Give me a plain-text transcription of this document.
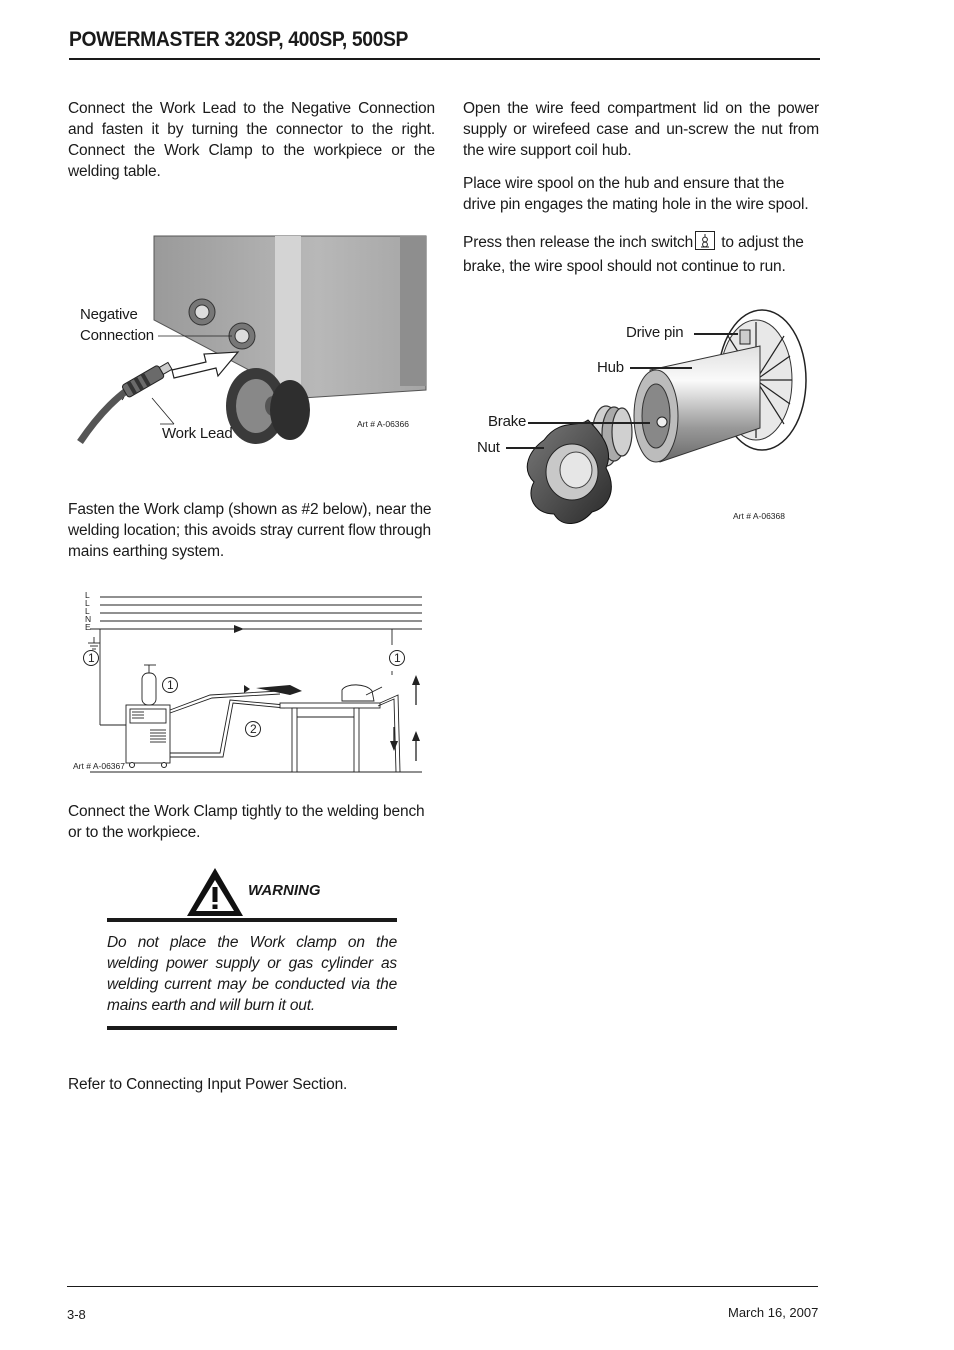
POWERMASTER 320SP, 400SP, 500SP
Connect the Work Lead to the Negative Connection and fasten it by turning the connector to the right. Connect the Work Clamp to the workpiece or the welding table.
Negative
Connection
Work Lead
Art # A-06366
Fasten the Work clamp (shown as #2 below), near the welding location; this avoids stray current flow through mains earthing system.
L
L
L
N
E
1	1
1
2
Art # A-06367
Connect the Work Clamp tightly to the welding bench or to the workpiece.
WARNING
Do not place the Work clamp on the welding power supply or gas cylinder as welding current may be conducted via the mains earth and will burn it out.
Refer to Connecting Input Power Section.
Open the wire feed compartment lid on the power supply or wirefeed case and un-screw the nut from the wire support coil hub.
Place wire spool on the hub and ensure that the drive pin engages the mating hole in the wire spool.
Press then release the inch switch
to adjust the brake, the wire spool should not continue to run.
Drive pin
Hub
Brake
Nut
Art # A-06368
3-8	March 16, 2007
